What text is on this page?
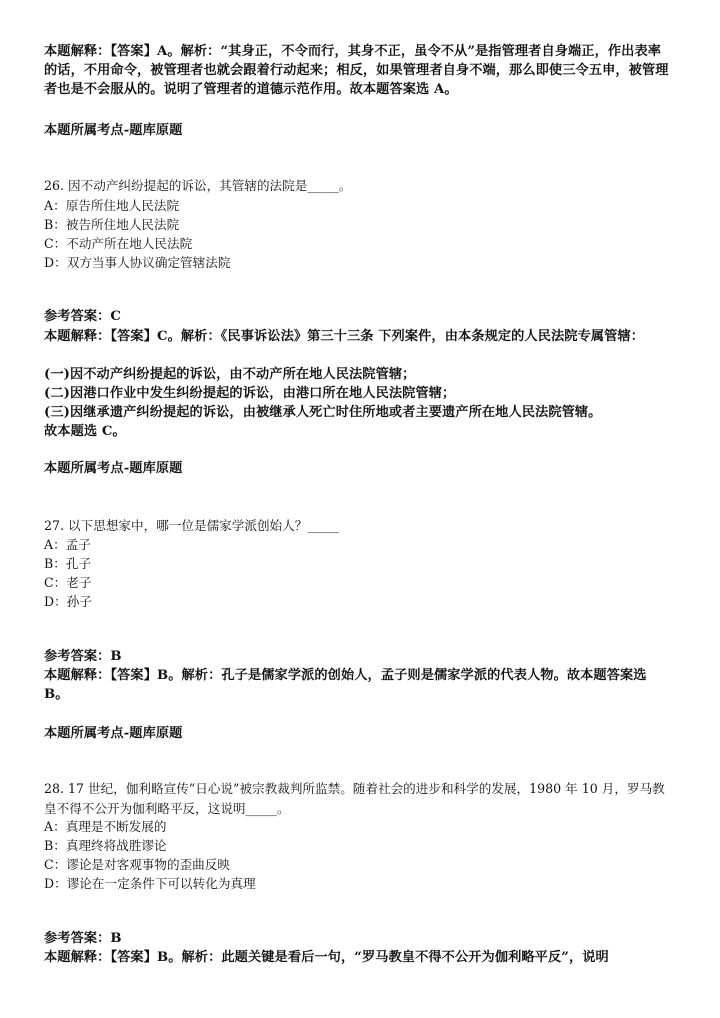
本题解释：【答案】A。解析：“其身正，不令而行，其身不正，虽令不从”是指管理者自身端正，作出表率的话，不用命令，被管理者也就会跟着行动起来；相反，如果管理者自身不端，那么即使三令五申，被管理者也是不会服从的。说明了管理者的道德示范作用。故本题答案选 A。

本题所属考点-题库原题

26. 因不动产纠纷提起的诉讼，其管辖的法院是_____。

A：原告所住地人民法院

B：被告所住地人民法院

C：不动产所在地人民法院

D：双方当事人协议确定管辖法院

参考答案：C

本题解释：【答案】C。解析：《民事诉讼法》第三十三条 下列案件，由本条规定的人民法院专属管辖：

(一)因不动产纠纷提起的诉讼，由不动产所在地人民法院管辖；

(二)因港口作业中发生纠纷提起的诉讼，由港口所在地人民法院管辖；

(三)因继承遗产纠纷提起的诉讼，由被继承人死亡时住所地或者主要遗产所在地人民法院管辖。

故本题选 C。

本题所属考点-题库原题

27. 以下思想家中，哪一位是儒家学派创始人？_____

A：孟子

B：孔子

C：老子

D：孙子

参考答案：B

本题解释：【答案】B。解析：孔子是儒家学派的创始人，孟子则是儒家学派的代表人物。故本题答案选 B。

本题所属考点-题库原题

28. 17 世纪，伽利略宣传“日心说”被宗教裁判所监禁。随着社会的进步和科学的发展，1980 年 10 月，罗马教皇不得不公开为伽利略平反，这说明_____。

A：真理是不断发展的

B：真理终将战胜谬论

C：谬论是对客观事物的歪曲反映

D：谬论在一定条件下可以转化为真理

参考答案：B

本题解释：【答案】B。解析：此题关键是看后一句，“罗马教皇不得不公开为伽利略平反”，说明
